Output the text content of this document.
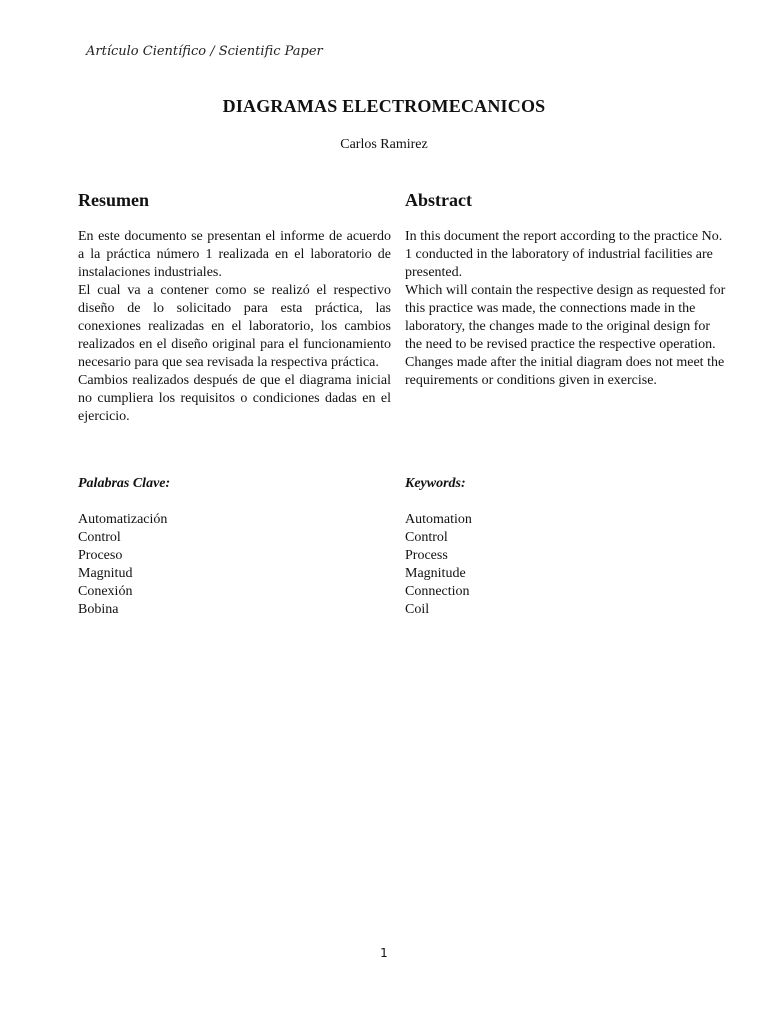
Artículo Científico / Scientific Paper
DIAGRAMAS ELECTROMECANICOS
Carlos Ramirez
Resumen

En este documento se presentan el informe de acuerdo a la práctica número 1 realizada en el laboratorio de instalaciones industriales.

El cual va a contener como se realizó el respectivo diseño de lo solicitado para esta práctica, las conexiones realizadas en el laboratorio, los cambios realizados en el diseño original para el funcionamiento necesario para que sea revisada la respectiva práctica.

Cambios realizados después de que el diagrama inicial no cumpliera los requisitos o condiciones dadas en el ejercicio.

Abstract

In this document the report according to the practice No. 1 conducted in the laboratory of industrial facilities are presented.

Which will contain the respective design as requested for this practice was made, the connections made in the laboratory, the changes made to the original design for the need to be revised practice the respective operation.

Changes made after the initial diagram does not meet the requirements or conditions given in exercise.

Palabras Clave:
Automatización
Control
Proceso
Magnitud
Conexión
Bobina
Keywords:
Automation
Control
Process
Magnitude
Connection
Coil
1
